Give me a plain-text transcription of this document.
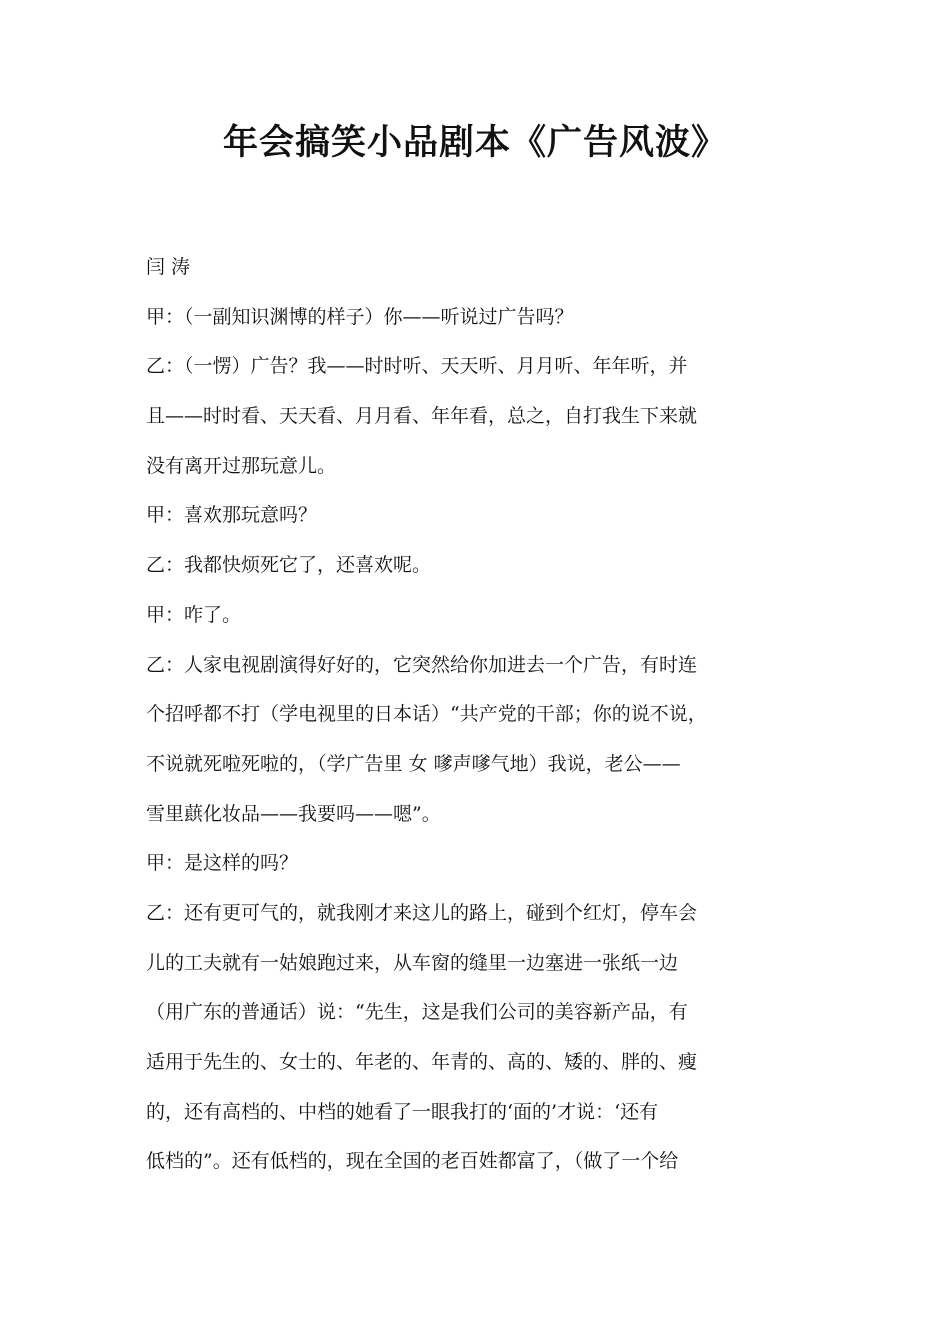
年会搞笑小品剧本《广告风波》
闫 涛
甲：（一副知识渊博的样子）你——听说过广告吗？
乙：（一愣）广告？我——时时听、天天听、月月听、年年听，并
且——时时看、天天看、月月看、年年看，总之，自打我生下来就
没有离开过那玩意儿。
甲：喜欢那玩意吗？
乙：我都快烦死它了，还喜欢呢。
甲：咋了。
乙：人家电视剧演得好好的，它突然给你加进去一个广告，有时连
个招呼都不打（学电视里的日本话）“共产党的干部；你的说不说，
不说就死啦死啦的，（学广告里 女 嗲声嗲气地）我说，老公——
雪里蕻化妆品——我要吗——嗯”。
甲：是这样的吗？
乙：还有更可气的，就我刚才来这儿的路上，碰到个红灯，停车会
儿的工夫就有一姑娘跑过来，从车窗的缝里一边塞进一张纸一边
（用广东的普通话）说：“先生，这是我们公司的美容新产品，有
适用于先生的、女士的、年老的、年青的、高的、矮的、胖的、瘦
的，还有高档的、中档的她看了一眼我打的‘面的’才说：‘还有
低档的”。还有低档的，现在全国的老百姓都富了，（做了一个给
